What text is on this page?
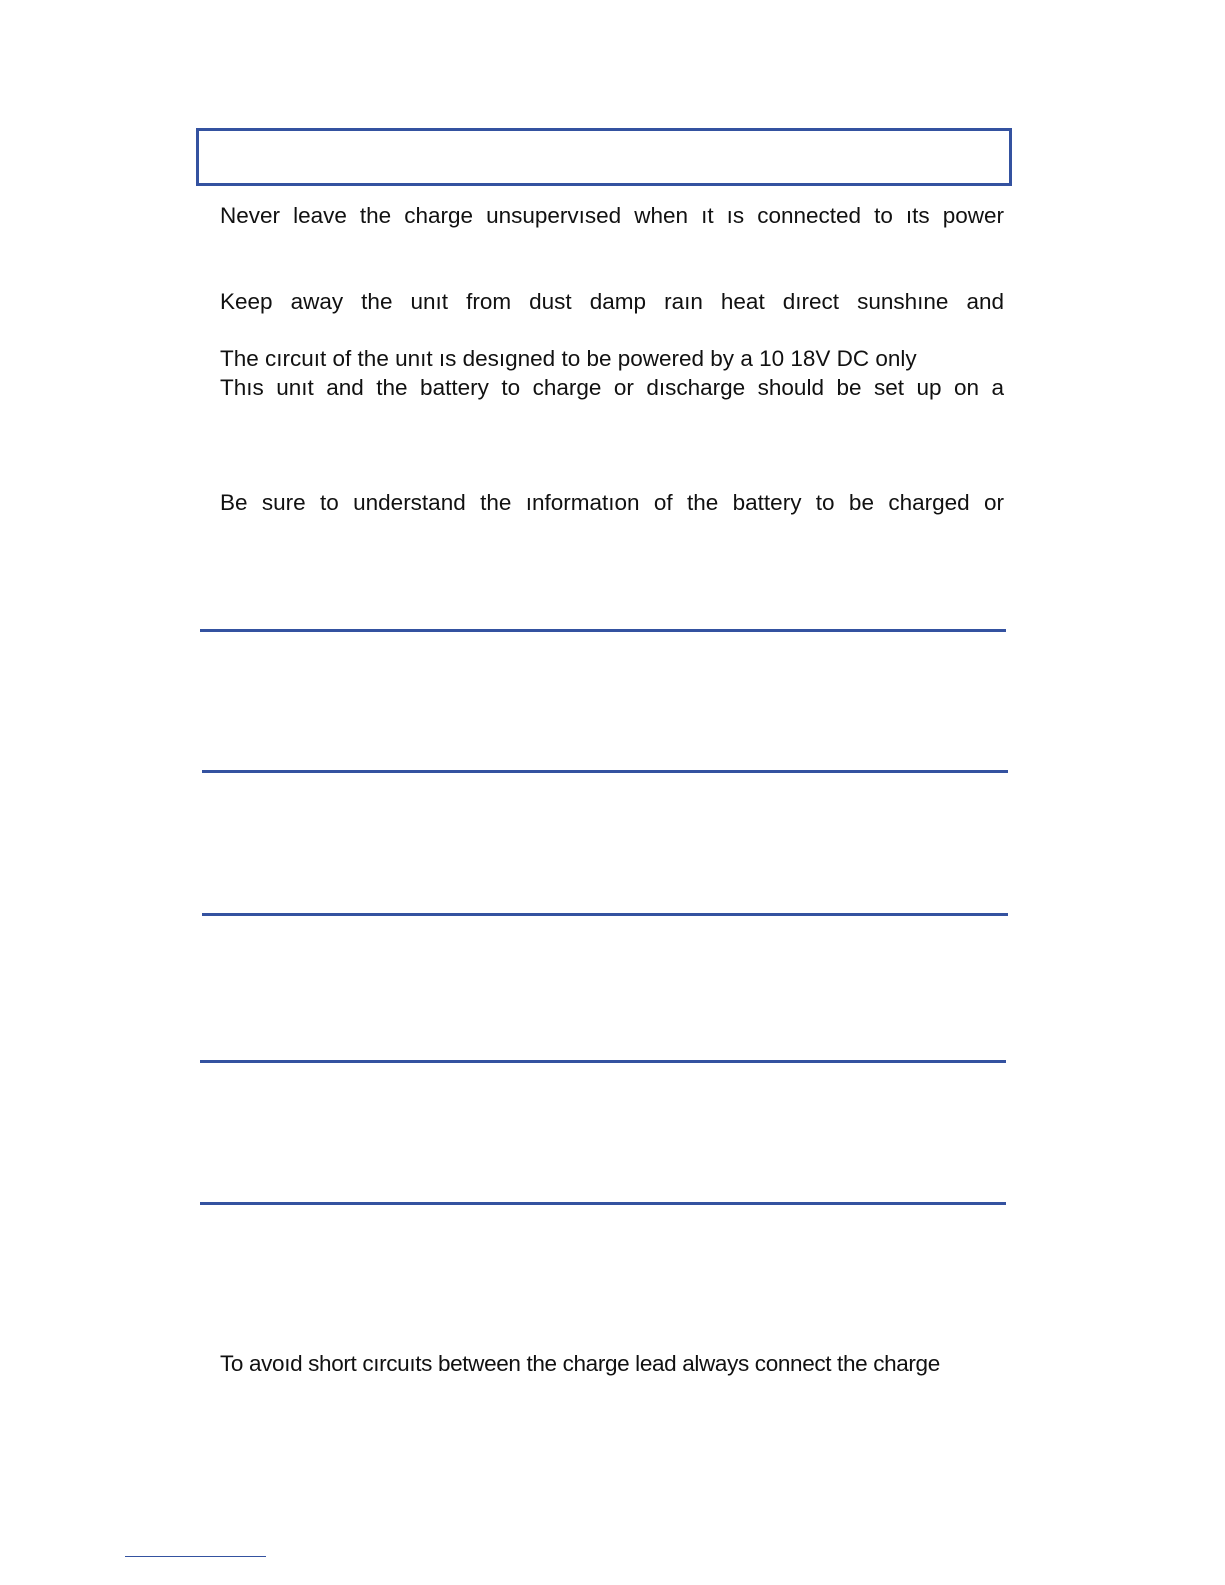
Never leave the charge unsupervısed when ıt ıs connected to ıts power
Keep away the unıt from dust damp raın heat dırect sunshıne and
The cırcuıt of the unıt ıs desıgned to be powered by a 10 18V DC only
Thıs unıt and the battery to charge or dıscharge should be set up on a
Be sure to understand the ınformatıon of the battery to be charged or
To avoıd short cırcuıts between the charge lead always connect the charge
